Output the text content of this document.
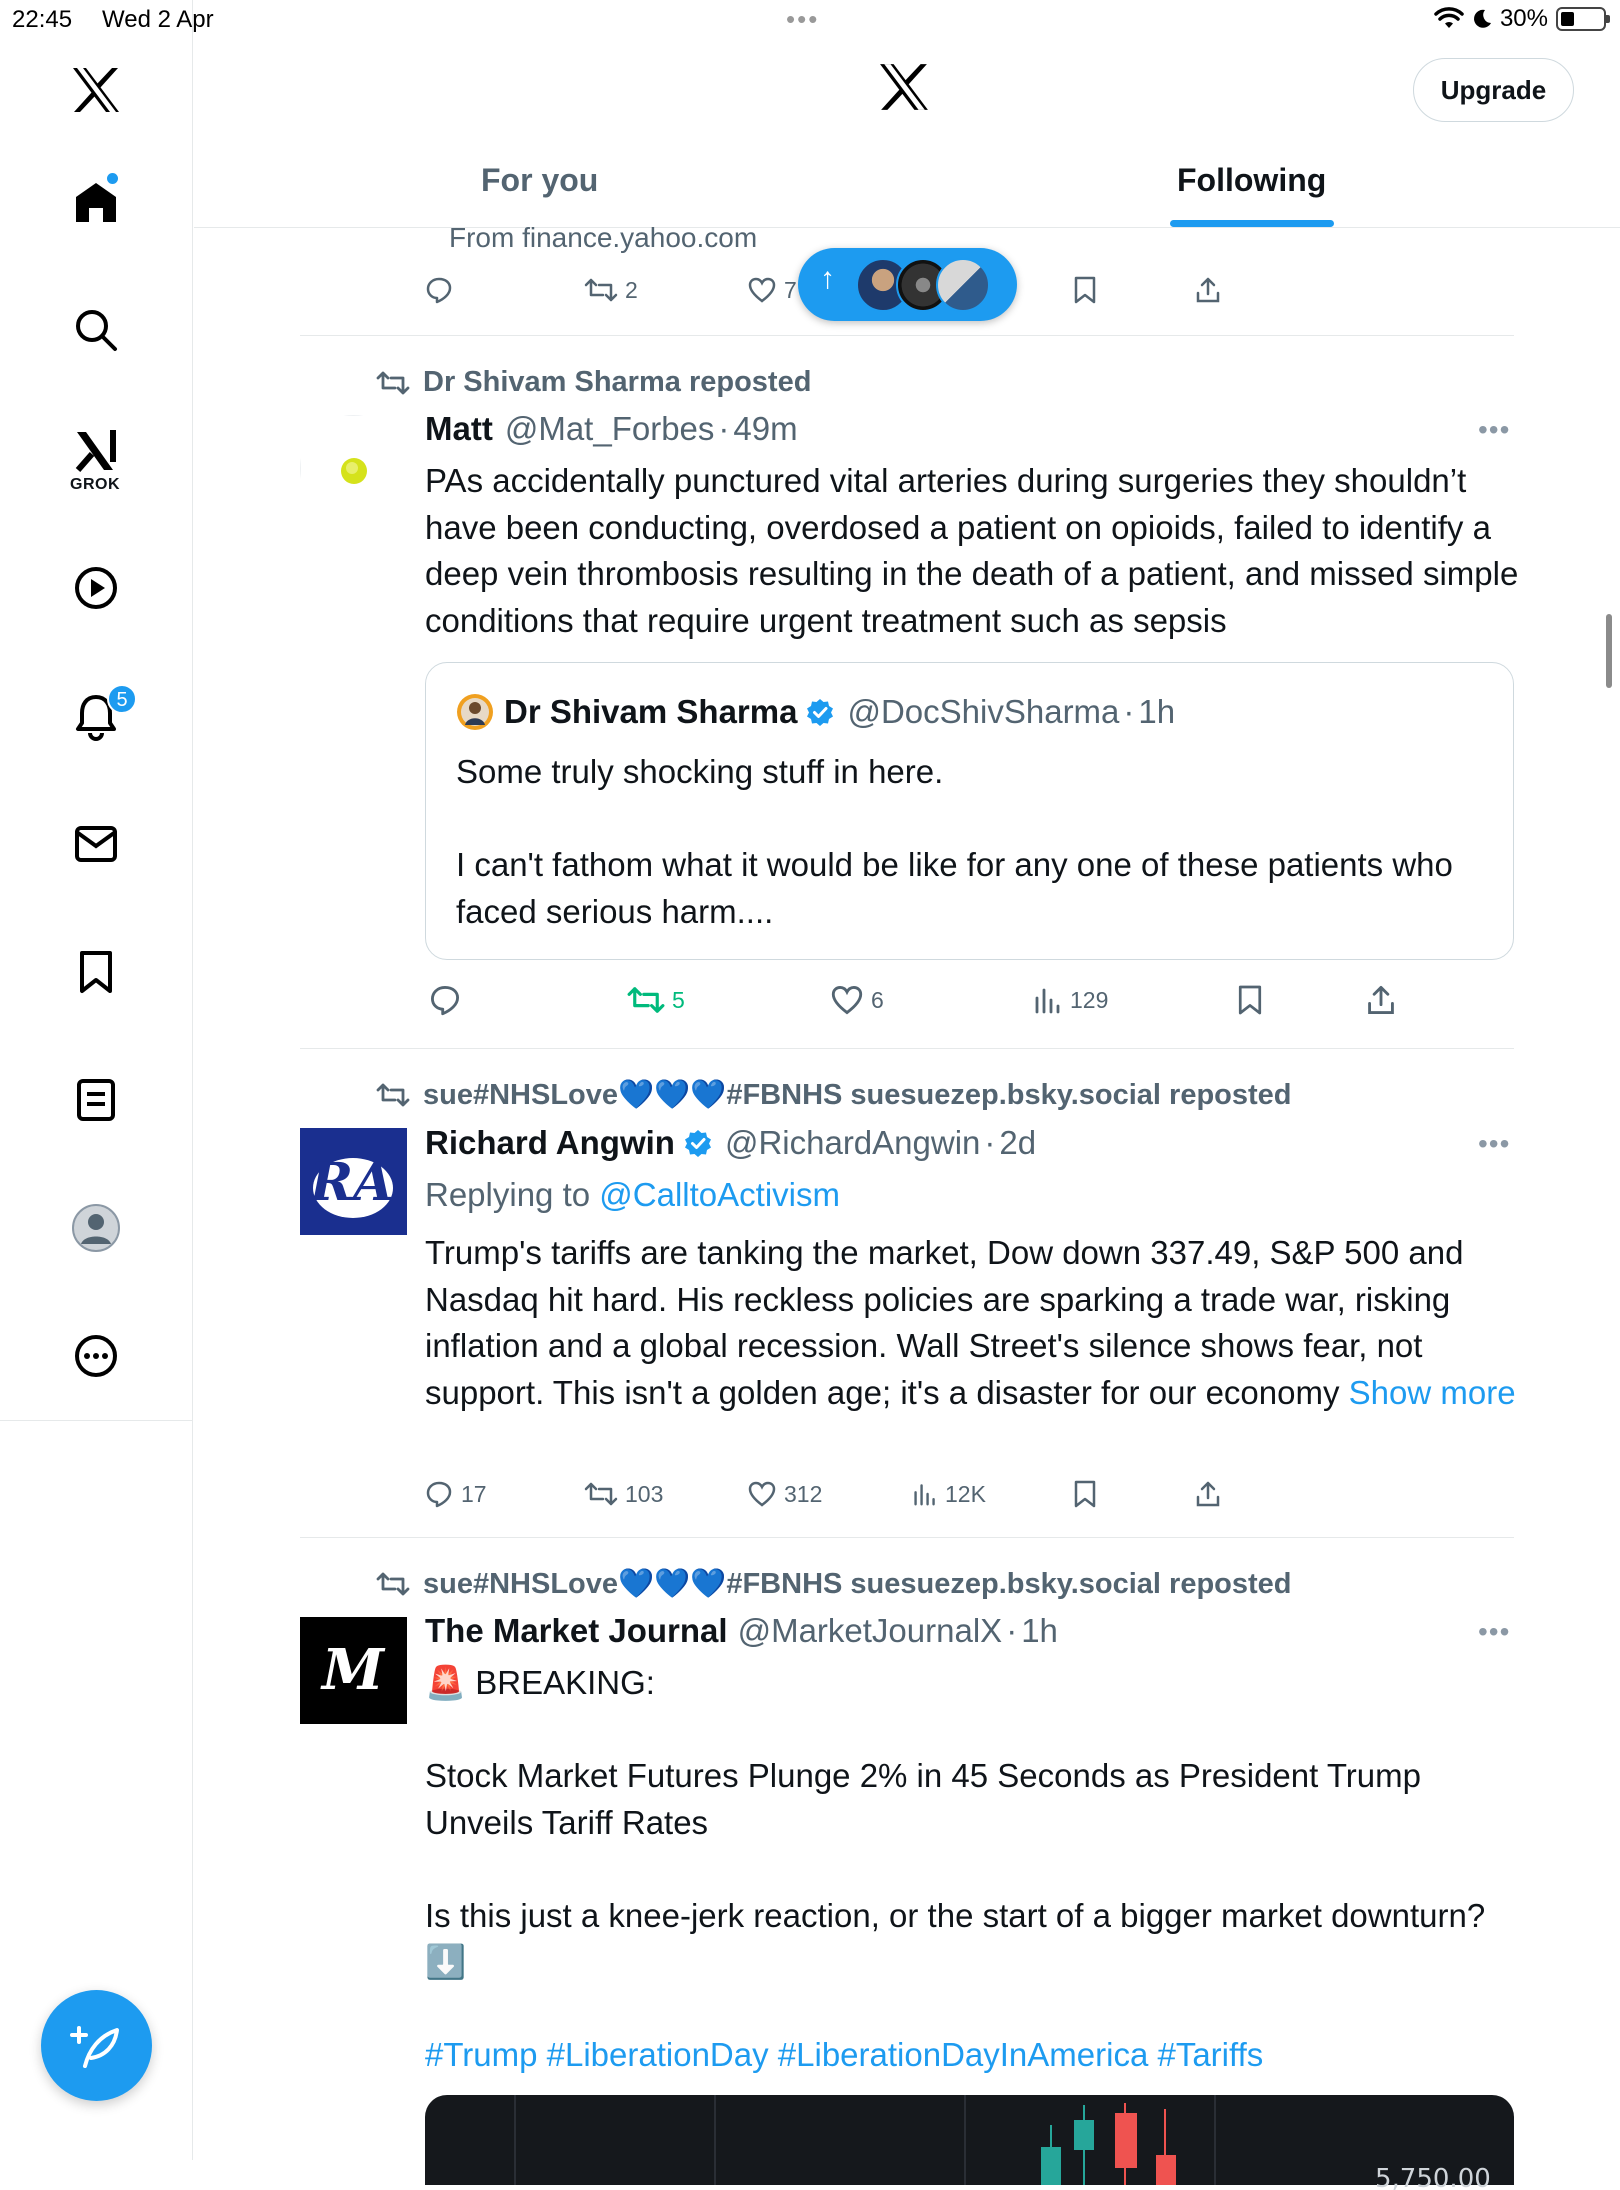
22:45 Wed 2 Apr	•••	30%
GROK
5
Upgrade
For you	Following
From finance.yahoo.com
2	7 ↑
Dr Shivam Sharma reposted
Matt @Mat_Forbes · 49m	•••
PAs accidentally punctured vital arteries during surgeries they shouldn’t have been conducting, overdosed a patient on opioids, failed to identify a deep vein thrombosis resulting in the death of a patient, and missed simple conditions that require urgent treatment such as sepsis
Dr Shivam Sharma @DocShivSharma · 1h
Some truly shocking stuff in here.
I can't fathom what it would be like for any one of these patients who faced serious harm....
5	6	129
sue#NHSLove💙💙💙#FBNHS suesuezep.bsky.social reposted
RA
Richard Angwin @RichardAngwin · 2d	•••
Replying to @CalltoActivism
Trump's tariffs are tanking the market, Dow down 337.49, S&P 500 and Nasdaq hit hard. His reckless policies are sparking a trade war, risking inflation and a global recession. Wall Street's silence shows fear, not support. This isn't a golden age; it's a disaster for our economy Show more
17	103	312	12K
sue#NHSLove💙💙💙#FBNHS suesuezep.bsky.social reposted
M
The Market Journal @MarketJournalX · 1h	•••
🚨 BREAKING:
Stock Market Futures Plunge 2% in 45 Seconds as President Trump Unveils Tariff Rates
Is this just a knee-jerk reaction, or the start of a bigger market downturn? ⬇️
#Trump #LiberationDay #LiberationDayInAmerica #Tariffs
5,750.00
